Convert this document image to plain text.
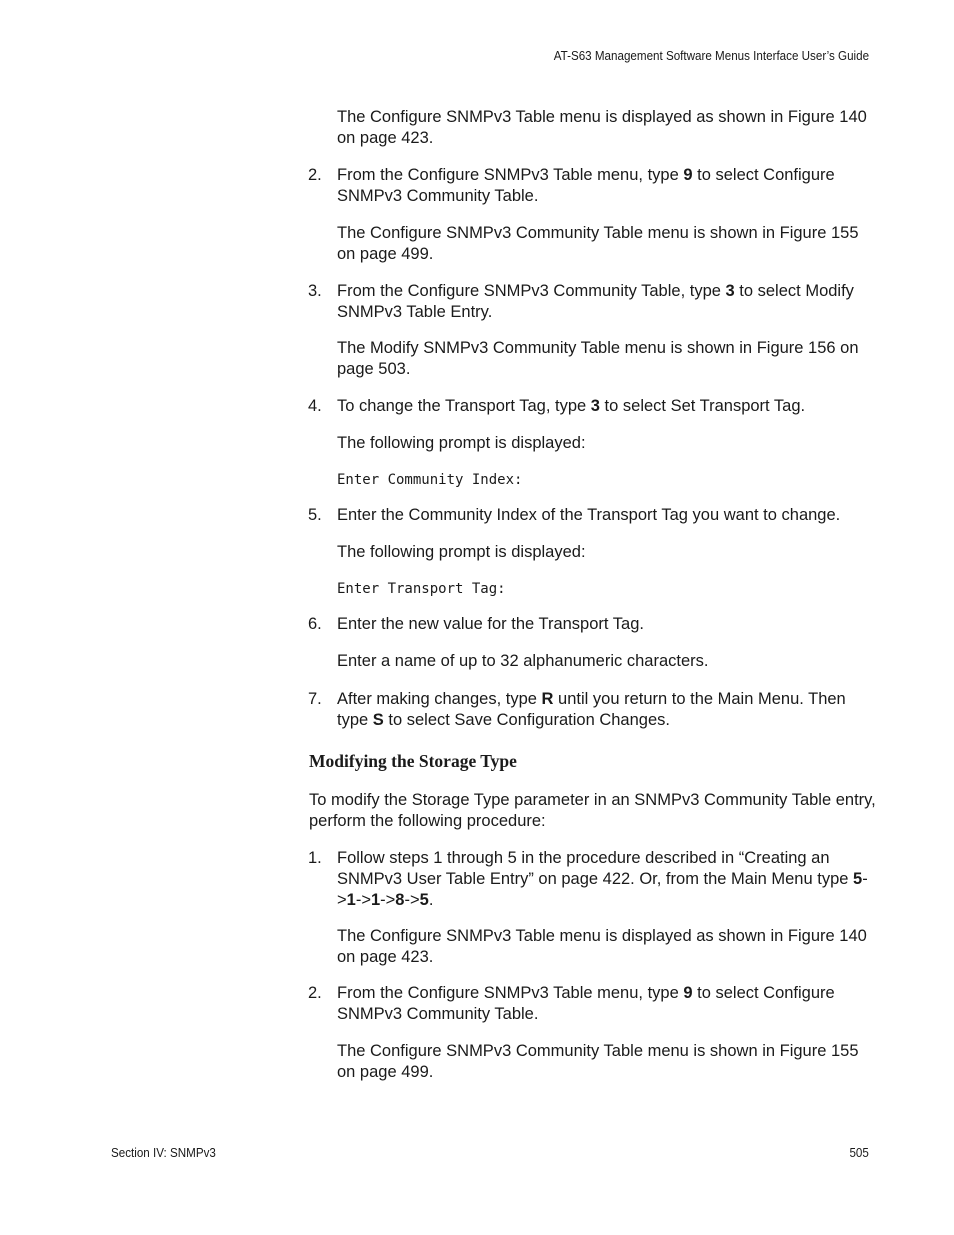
AT-S63 Management Software Menus Interface User’s Guide
The Configure SNMPv3 Table menu is displayed as shown in Figure 140 on page 423.
2. From the Configure SNMPv3 Table menu, type 9 to select Configure SNMPv3 Community Table.
The Configure SNMPv3 Community Table menu is shown in Figure 155 on page 499.
3. From the Configure SNMPv3 Community Table, type 3 to select Modify SNMPv3 Table Entry.
The Modify SNMPv3 Community Table menu is shown in Figure 156 on page 503.
4. To change the Transport Tag, type 3 to select Set Transport Tag.
The following prompt is displayed:
Enter Community Index:
5. Enter the Community Index of the Transport Tag you want to change.
The following prompt is displayed:
Enter Transport Tag:
6. Enter the new value for the Transport Tag.
Enter a name of up to 32 alphanumeric characters.
7. After making changes, type R until you return to the Main Menu. Then type S to select Save Configuration Changes.
Modifying the Storage Type
To modify the Storage Type parameter in an SNMPv3 Community Table entry, perform the following procedure:
1. Follow steps 1 through 5 in the procedure described in “Creating an SNMPv3 User Table Entry” on page 422. Or, from the Main Menu type 5->1->1->8->5.
The Configure SNMPv3 Table menu is displayed as shown in Figure 140 on page 423.
2. From the Configure SNMPv3 Table menu, type 9 to select Configure SNMPv3 Community Table.
The Configure SNMPv3 Community Table menu is shown in Figure 155 on page 499.
Section IV: SNMPv3	505
